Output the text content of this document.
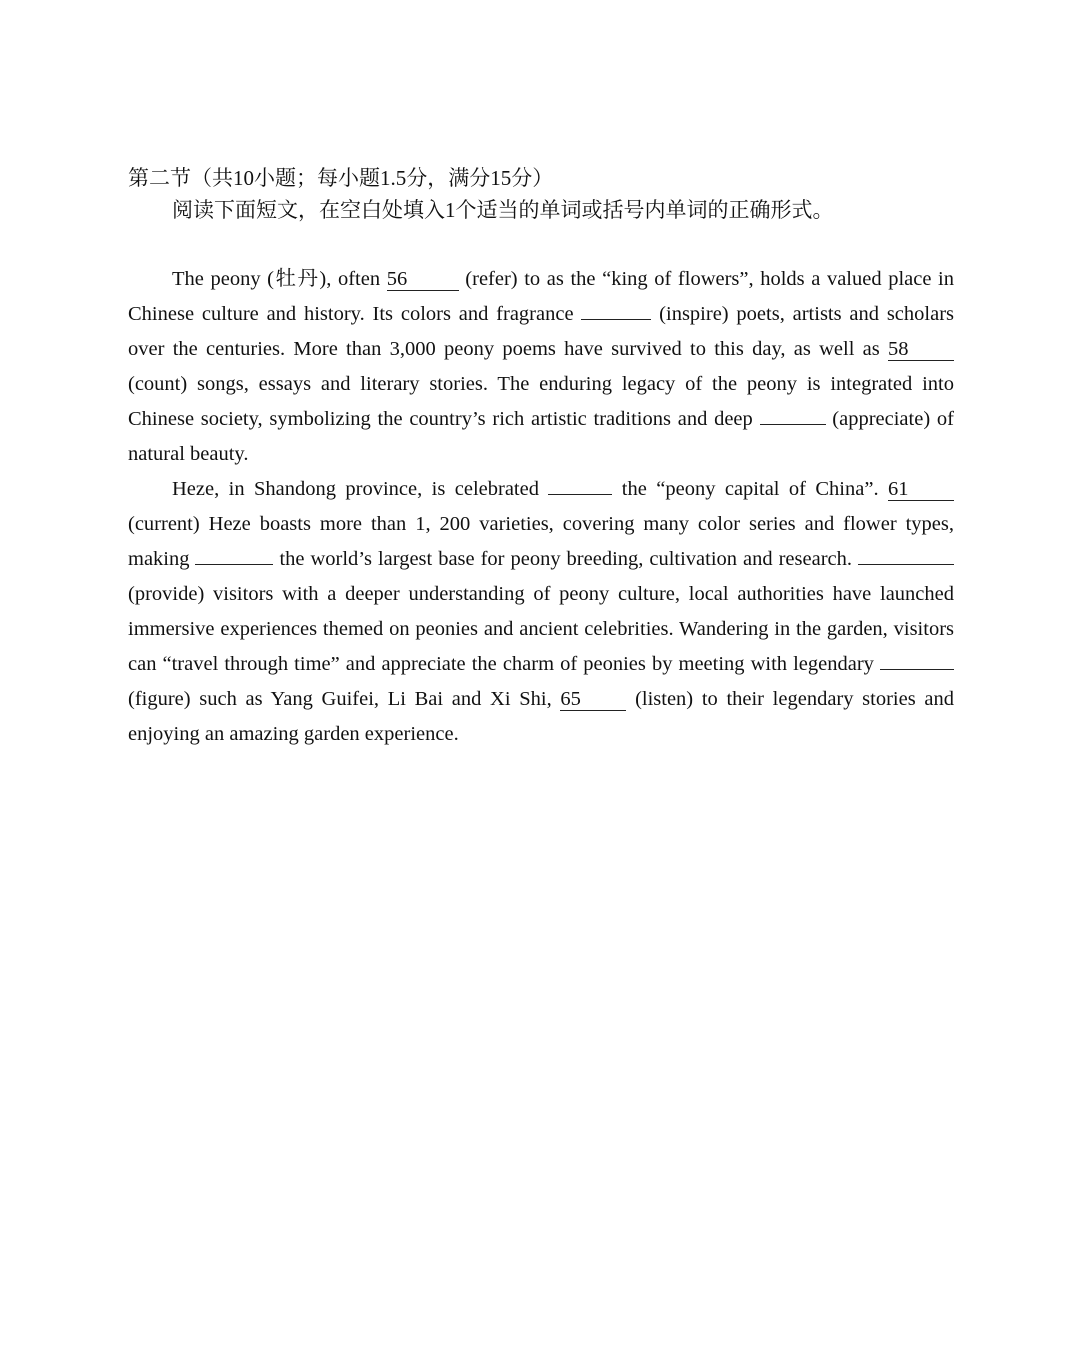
第二节（共10小题；每小题1.5分，满分15分）
阅读下面短文，在空白处填入1个适当的单词或括号内单词的正确形式。

The peony (牡丹), often 56	(refer) to as the “king of flowers”, holds a valued place in Chinese culture and history. Its colors and fragrance	(inspire) poets, artists and scholars over the centuries. More than 3,000 peony poems have survived to this day, as well as 58 (count) songs, essays and literary stories. The enduring legacy of the peony is integrated into Chinese society, symbolizing the country’s rich artistic traditions and deep	(appreciate) of natural beauty.

Heze, in Shandong province, is celebrated	the “peony capital of China”. 61 (current) Heze boasts more than 1, 200 varieties, covering many color series and flower types, making	the world’s largest base for peony breeding, cultivation and research.  (provide) visitors with a deeper understanding of peony culture, local authorities have launched immersive experiences themed on peonies and ancient celebrities. Wandering in the garden, visitors can “travel through time” and appreciate the charm of peonies by meeting with legendary  (figure) such as Yang Guifei, Li Bai and Xi Shi, 65 (listen) to their legendary stories and enjoying an amazing garden experience.
